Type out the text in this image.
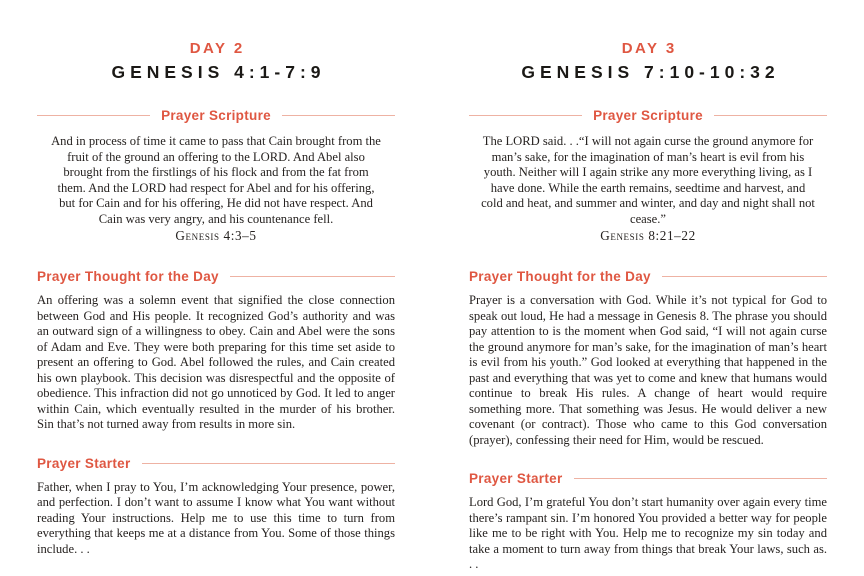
DAY 2
GENESIS 4:1-7:9
Prayer Scripture

And in process of time it came to pass that Cain brought from the fruit of the ground an offering to the LORD. And Abel also brought from the firstlings of his flock and from the fat from them. And the LORD had respect for Abel and for his offering, but for Cain and for his offering, He did not have respect. And Cain was very angry, and his countenance fell.

Genesis 4:3–5

Prayer Thought for the Day

An offering was a solemn event that signified the close connection between God and His people. It recognized God’s authority and was an outward sign of a willingness to obey. Cain and Abel were the sons of Adam and Eve. They were both preparing for this time set aside to present an offering to God. Abel followed the rules, and Cain created his own playbook. This decision was disrespectful and the opposite of obedience. This infraction did not go unnoticed by God. It led to anger within Cain, which eventually resulted in the murder of his brother. Sin that’s not turned away from results in more sin.

Prayer Starter

Father, when I pray to You, I’m acknowledging Your presence, power, and perfection. I don’t want to assume I know what You want without reading Your instructions. Help me to use this time to turn from everything that keeps me at a distance from You. Some of those things include. . .

DAY 3
GENESIS 7:10-10:32
Prayer Scripture

The LORD said. . .“I will not again curse the ground anymore for man’s sake, for the imagination of man’s heart is evil from his youth. Neither will I again strike any more everything living, as I have done. While the earth remains, seedtime and harvest, and cold and heat, and summer and winter, and day and night shall not cease.”

Genesis 8:21–22

Prayer Thought for the Day

Prayer is a conversation with God. While it’s not typical for God to speak out loud, He had a message in Genesis 8. The phrase you should pay attention to is the moment when God said, “I will not again curse the ground anymore for man’s sake, for the imagination of man’s heart is evil from his youth.” God looked at everything that happened in the past and everything that was yet to come and knew that humans would continue to break His rules. A change of heart would require something more. That something was Jesus. He would deliver a new covenant (or contract). Those who came to this God conversation (prayer), confessing their need for Him, would be rescued.

Prayer Starter

Lord God, I’m grateful You don’t start humanity over again every time there’s rampant sin. I’m honored You provided a better way for people like me to be right with You. Help me to recognize my sin today and take a moment to turn away from things that break Your laws, such as. . .
